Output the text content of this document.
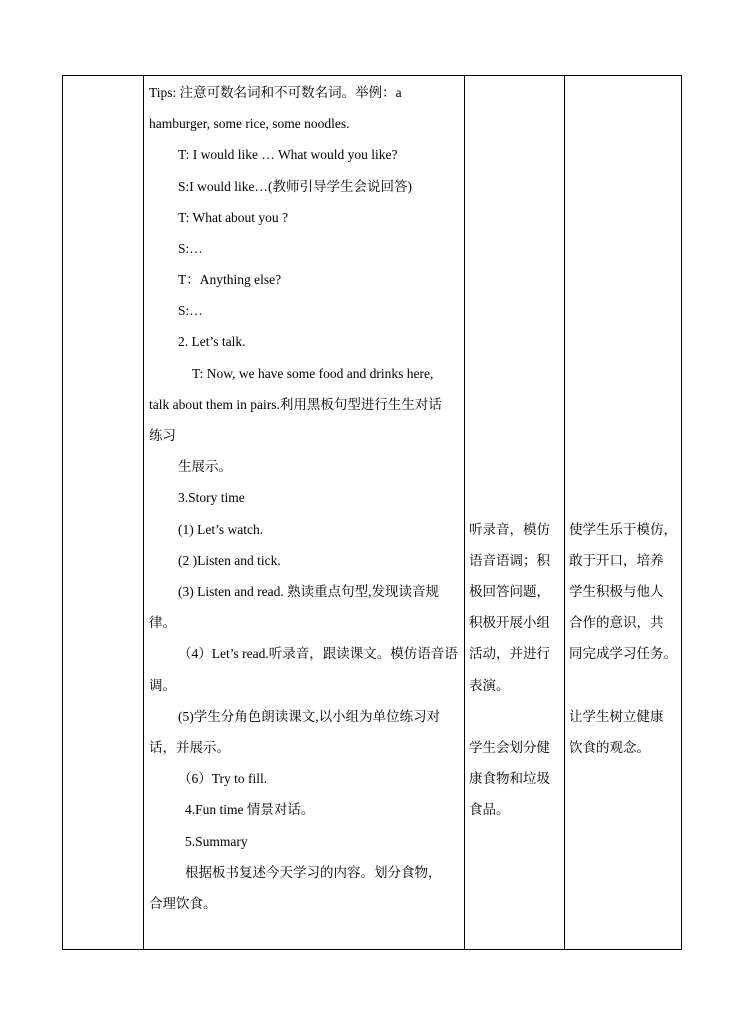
Tips: 注意可数名词和不可数名词。举例：a
hamburger, some rice, some noodles.
T: I would like … What would you like?
S:I would like…(教师引导学生会说回答)
T: What about you ?
S:…
T：Anything else?
S:…
2. Let’s talk.
T: Now, we have some food and drinks here,
talk about them in pairs.利用黑板句型进行生生对话
练习
生展示。
3.Story time
(1) Let’s watch.
(2 )Listen and tick.
(3) Listen and read. 熟读重点句型,发现读音规
律。
（4）Let’s read.听录音，跟读课文。模仿语音语
调。
(5)学生分角色朗读课文,以小组为单位练习对
话，并展示。
（6）Try to fill.
4.Fun time 情景对话。
5.Summary
根据板书复述今天学习的内容。划分食物，
合理饮食。
听录音，模仿
语音语调；积
极回答问题，
积极开展小组
活动，并进行
表演。
学生会划分健
康食物和垃圾
食品。
使学生乐于模仿，
敢于开口，培养
学生积极与他人
合作的意识，共
同完成学习任务。
让学生树立健康
饮食的观念。
